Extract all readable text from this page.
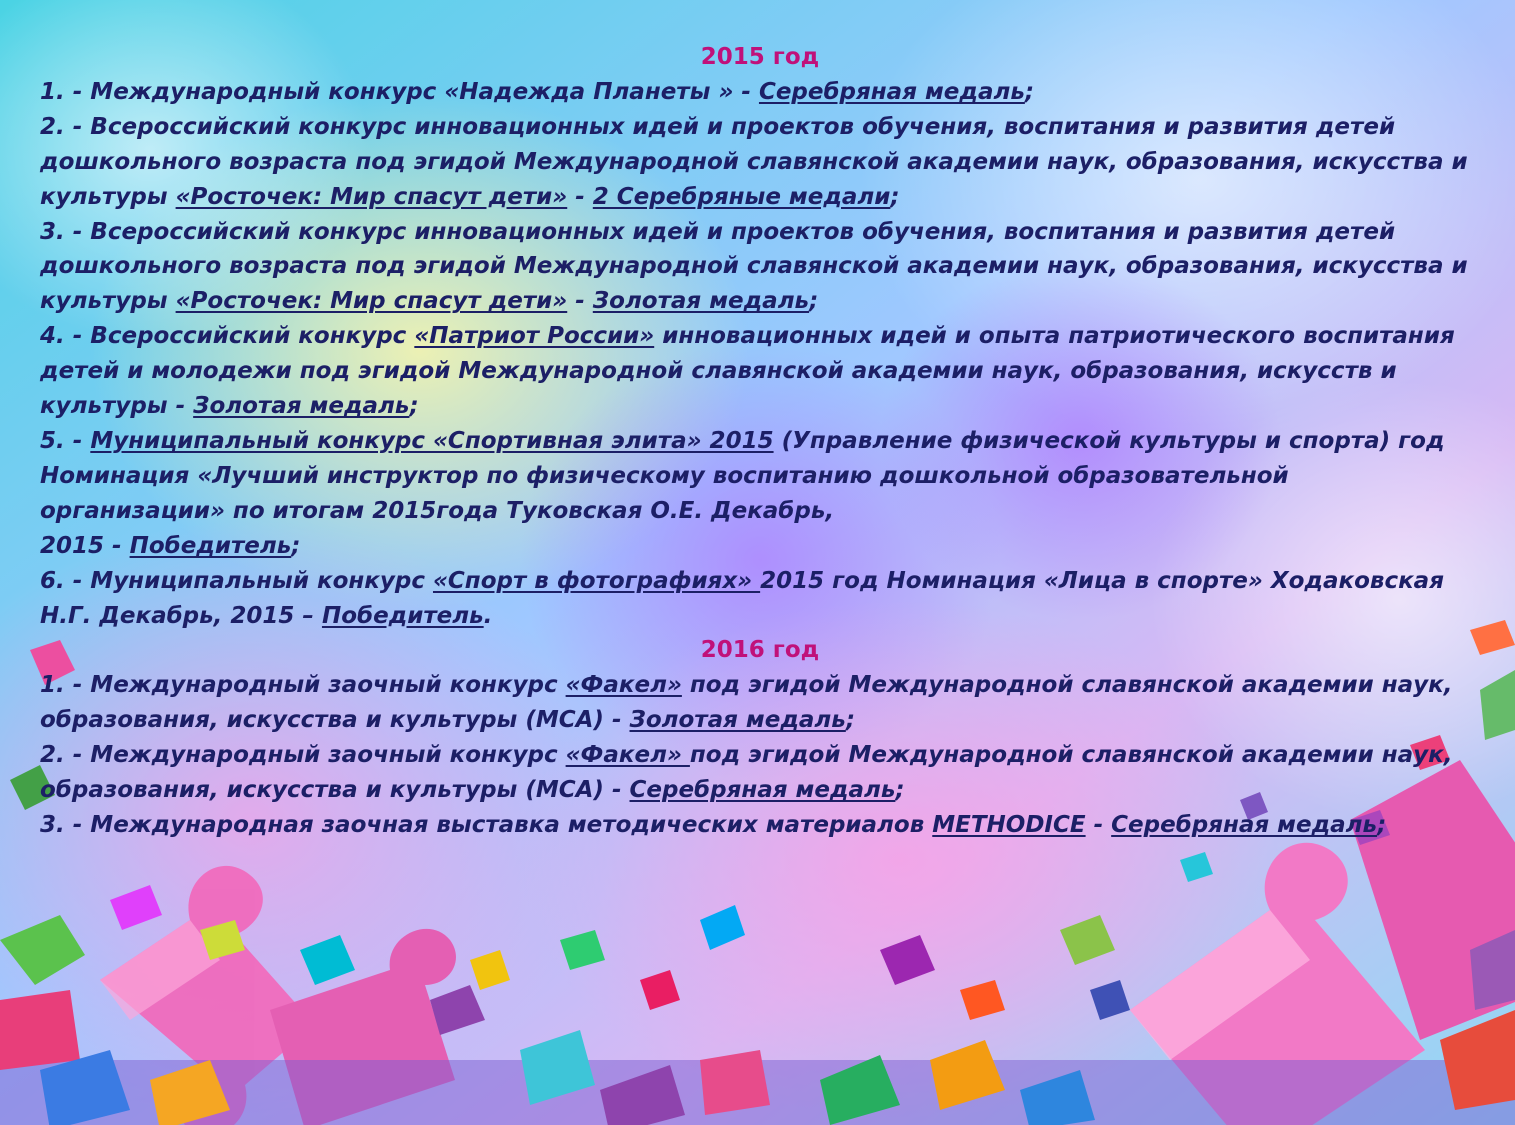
2015 год

1. - Международный конкурс «Надежда Планеты » - Серебряная медаль;

2. - Всероссийский конкурс инновационных идей и проектов обучения, воспитания и развития детей дошкольного возраста под эгидой Международной славянской академии наук, образования, искусства и культуры «Росточек: Мир спасут дети» - 2 Серебряные медали;

3. - Всероссийский конкурс инновационных идей и проектов обучения, воспитания и развития детей дошкольного возраста под эгидой Международной славянской академии наук, образования, искусства и культуры «Росточек: Мир спасут дети» - Золотая медаль;

4. - Всероссийский конкурс «Патриот России» инновационных идей и опыта патриотического воспитания детей и молодежи под эгидой Международной славянской академии наук, образования, искусств и культуры - Золотая медаль;

5. - Муниципальный конкурс «Спортивная элита» 2015 (Управление физической культуры и спорта) год Номинация «Лучший инструктор по физическому воспитанию дошкольной образовательной организации» по итогам 2015года Туковская О.Е. Декабрь,
2015 - Победитель;

6. - Муниципальный конкурс «Спорт в фотографиях» 2015 год Номинация «Лица в спорте» Ходаковская Н.Г. Декабрь, 2015 – Победитель.

2016 год

1. - Международный заочный конкурс «Факел» под эгидой Международной славянской академии наук, образования, искусства и культуры (МСА) - Золотая медаль;

2. - Международный заочный конкурс «Факел» под эгидой Международной славянской академии наук, образования, искусства и культуры (МСА) - Серебряная медаль;

3. - Международная заочная выставка методических материалов METHODICE - Серебряная медаль;
